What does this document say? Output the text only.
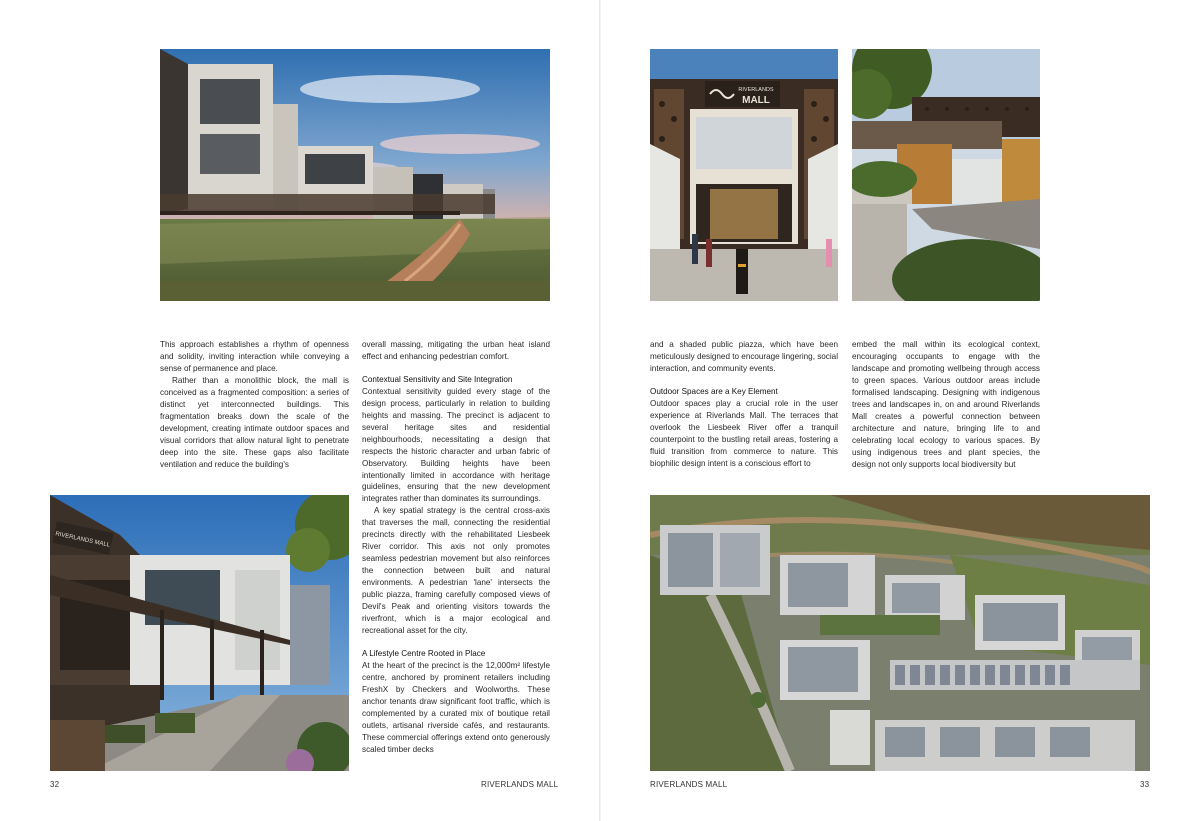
This approach establishes a rhythm of openness and solidity, inviting interaction while conveying a sense of permanence and place.

Rather than a monolithic block, the mall is conceived as a fragmented composition: a series of distinct yet interconnected buildings. This fragmentation breaks down the scale of the development, creating intimate outdoor spaces and visual corridors that allow natural light to penetrate deep into the site. These gaps also facilitate ventilation and reduce the building's

overall massing, mitigating the urban heat island effect and enhancing pedestrian comfort.

Contextual Sensitivity and Site Integration

Contextual sensitivity guided every stage of the design process, particularly in relation to building heights and massing. The precinct is adjacent to several heritage sites and residential neighbourhoods, necessitating a design that respects the historic character and urban fabric of Observatory. Building heights have been intentionally limited in accordance with heritage guidelines, ensuring that the new development integrates rather than dominates its surroundings.

A key spatial strategy is the central cross-axis that traverses the mall, connecting the residential precincts directly with the rehabilitated Liesbeek River corridor. This axis not only promotes seamless pedestrian movement but also reinforces the connection between built and natural environments. A pedestrian 'lane' intersects the public piazza, framing carefully composed views of Devil's Peak and orienting visitors towards the riverfront, which is a major ecological and recreational asset for the city.

A Lifestyle Centre Rooted in Place

At the heart of the precinct is the 12,000m² lifestyle centre, anchored by prominent retailers including FreshX by Checkers and Woolworths. These anchor tenants draw significant foot traffic, which is complemented by a curated mix of boutique retail outlets, artisanal riverside cafés, and restaurants. These commercial offerings extend onto generously scaled timber decks

RIVERLANDS MALL
32	RIVERLANDS MALL
RIVERLANDS
MALL

and a shaded public piazza, which have been meticulously designed to encourage lingering, social interaction, and community events.

Outdoor Spaces are a Key Element

Outdoor spaces play a crucial role in the user experience at Riverlands Mall. The terraces that overlook the Liesbeek River offer a tranquil counterpoint to the bustling retail areas, fostering a fluid transition from commerce to nature. This biophilic design intent is a conscious effort to

embed the mall within its ecological context, encouraging occupants to engage with the landscape and promoting wellbeing through access to green spaces. Various outdoor areas include formalised landscaping. Designing with indigenous trees and landscapes in, on and around Riverlands Mall creates a powerful connection between architecture and nature, bringing life to and celebrating local ecology to various spaces. By using indigenous trees and plant species, the design not only supports local biodiversity but

RIVERLANDS MALL	33
